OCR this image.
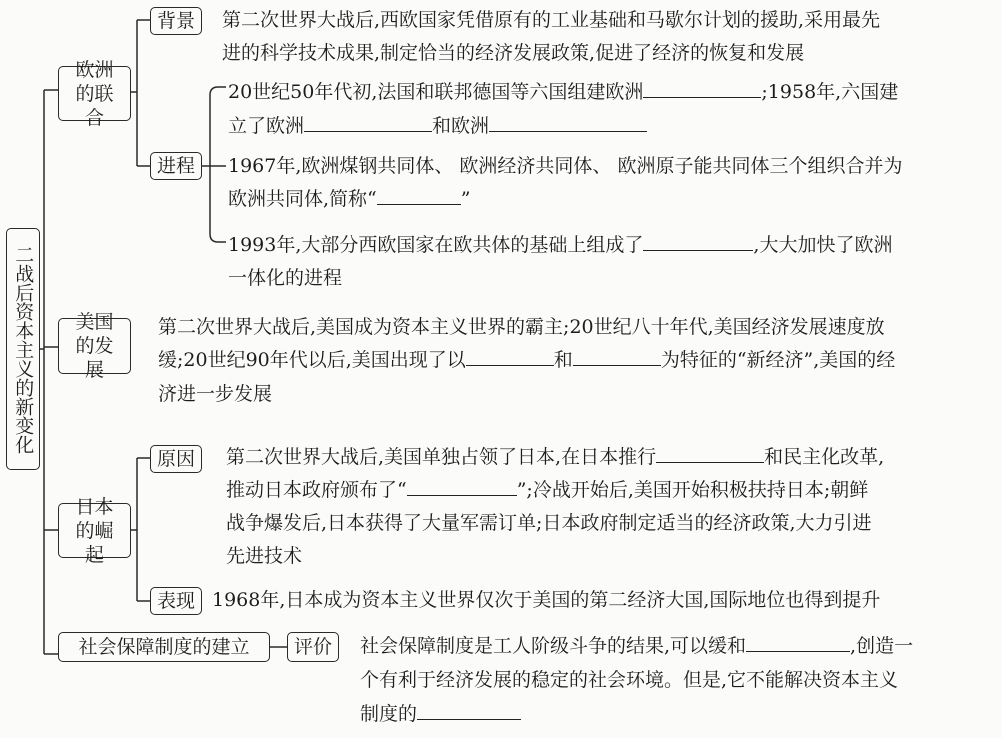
二战后资本主义的新变化
欧洲的联合
背景 第二次世界大战后,西欧国家凭借原有的工业基础和马歇尔计划的援助,采用最先
进的科学技术成果,制定恰当的经济发展政策,促进了经济的恢复和发展
进程
20世纪50年代初,法国和联邦德国等六国组建欧洲	;1958年,六国建
立了欧洲	和欧洲
1967年,欧洲煤钢共同体、 欧洲经济共同体、 欧洲原子能共同体三个组织合并为
欧洲共同体,简称“	”
1993年,大部分西欧国家在欧共体的基础上组成了	,大大加快了欧洲
一体化的进程
美国的发展
第二次世界大战后,美国成为资本主义世界的霸主;20世纪八十年代,美国经济发展速度放
缓;20世纪90年代以后,美国出现了以	和	为特征的“新经济”,美国的经
济进一步发展
日本的崛起
原因 第二次世界大战后,美国单独占领了日本,在日本推行	和民主化改革,
推动日本政府颁布了“	”;冷战开始后,美国开始积极扶持日本;朝鲜
战争爆发后,日本获得了大量军需订单;日本政府制定适当的经济政策,大力引进
先进技术
表现 1968年,日本成为资本主义世界仅次于美国的第二经济大国,国际地位也得到提升
社会保障制度的建立 评价 社会保障制度是工人阶级斗争的结果,可以缓和	,创造一
个有利于经济发展的稳定的社会环境。但是,它不能解决资本主义
制度的
